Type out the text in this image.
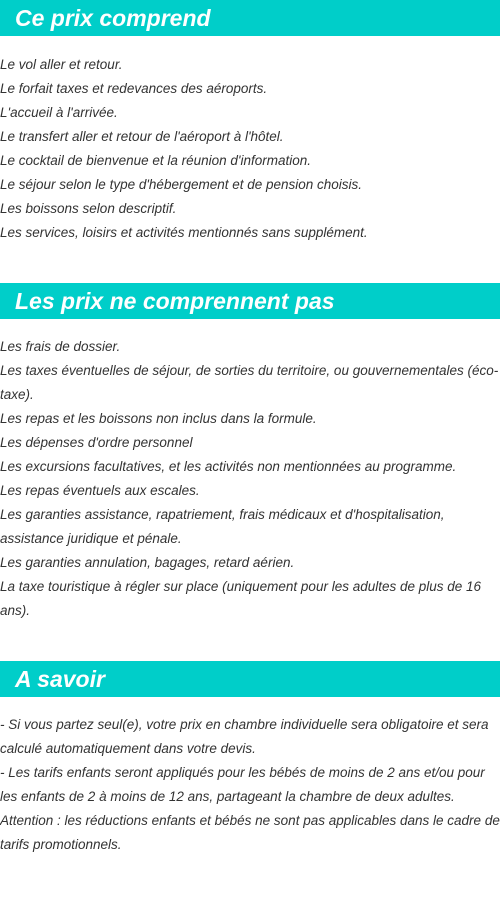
Ce prix comprend
Le vol aller et retour.
Le forfait taxes et redevances des aéroports.
L'accueil à l'arrivée.
Le transfert aller et retour de l'aéroport à l'hôtel.
Le cocktail de bienvenue et la réunion d'information.
Le séjour selon le type d'hébergement et de pension choisis.
Les boissons selon descriptif.
Les services, loisirs et activités mentionnés sans supplément.
Les prix ne comprennent pas
Les frais de dossier.
Les taxes éventuelles de séjour, de sorties du territoire, ou gouvernementales (éco-taxe).
Les repas et les boissons non inclus dans la formule.
Les dépenses d'ordre personnel
Les excursions facultatives, et les activités non mentionnées au programme.
Les repas éventuels aux escales.
Les garanties assistance, rapatriement, frais médicaux et d'hospitalisation, assistance juridique et pénale.
Les garanties annulation, bagages, retard aérien.
La taxe touristique à régler sur place (uniquement pour les adultes de plus de 16 ans).
A savoir
- Si vous partez seul(e), votre prix en chambre individuelle sera obligatoire et sera calculé automatiquement dans votre devis.
- Les tarifs enfants seront appliqués pour les bébés de moins de 2 ans et/ou pour les enfants de 2 à moins de 12 ans, partageant la chambre de deux adultes.
Attention : les réductions enfants et bébés ne sont pas applicables dans le cadre de tarifs promotionnels.
